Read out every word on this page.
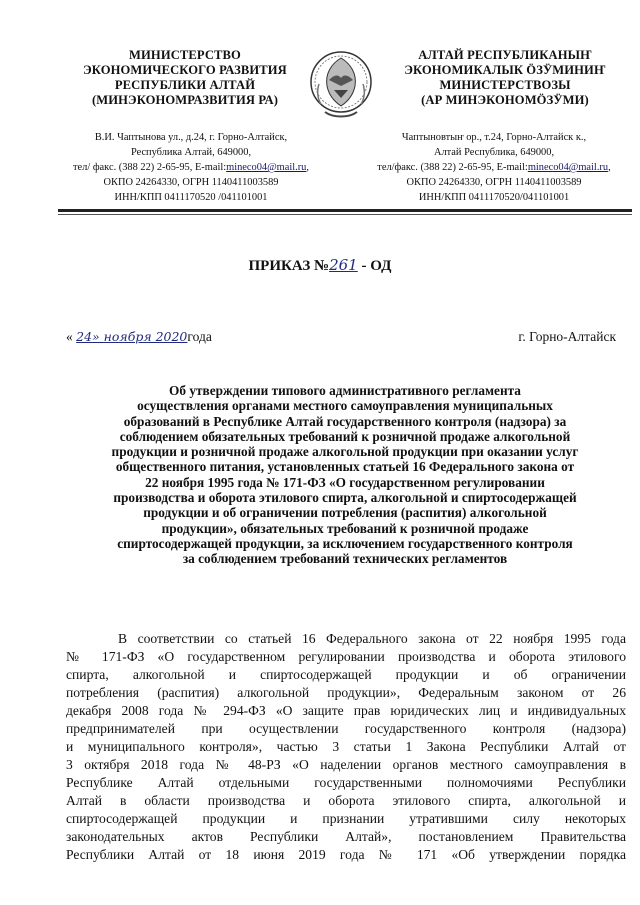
МИНИСТЕРСТВО
ЭКОНОМИЧЕСКОГО РАЗВИТИЯ
РЕСПУБЛИКИ АЛТАЙ
(МИНЭКОНОМРАЗВИТИЯ РА)
АЛТАЙ РЕСПУБЛИКАНЫҤ
ЭКОНОМИКАЛЫК ӦЗӰМИНИҤ
МИНИСТЕРСТВОЗЫ
(АР МИНЭКОНОМӦЗӰМИ)
В.И. Чаптынова ул., д.24, г. Горно-Алтайск,
Республика Алтай, 649000,
тел/ факс. (388 22) 2-65-95, E-mail:mineco04@mail.ru,
ОКПО 24264330, ОГРН 1140411003589
ИНН/КПП 0411170520 /041101001
Чаптыновтыҥ ор., т.24, Горно-Алтайск к.,
Алтай Республика, 649000,
тел/факс. (388 22) 2-65-95, E-mail:mineco04@mail.ru,
ОКПО 24264330, ОГРН 1140411003589
ИНН/КПП 0411170520/041101001
ПРИКАЗ №261 - ОД
« 24» ноября 2020года	г. Горно-Алтайск
Об утверждении типового административного регламента
осуществления органами местного самоуправления муниципальных
образований в Республике Алтай государственного контроля (надзора) за
соблюдением обязательных требований к розничной продаже алкогольной
продукции и розничной продаже алкогольной продукции при оказании услуг
общественного питания, установленных статьей 16 Федерального закона от
22 ноября 1995 года № 171-ФЗ «О государственном регулировании
производства и оборота этилового спирта, алкогольной и спиртосодержащей
продукции и об ограничении потребления (распития) алкогольной
продукции», обязательных требований к розничной продаже
спиртосодержащей продукции, за исключением государственного контроля
за соблюдением требований технических регламентов
В соответствии со статьей 16 Федерального закона от 22 ноября 1995 года
№ 171-ФЗ «О государственном регулировании производства и оборота этилового
спирта, алкогольной и спиртосодержащей продукции и об ограничении
потребления (распития) алкогольной продукции», Федеральным законом от 26
декабря 2008 года № 294-ФЗ «О защите прав юридических лиц и индивидуальных
предпринимателей при осуществлении государственного контроля (надзора)
и муниципального контроля», частью 3 статьи 1 Закона Республики Алтай от
3 октября 2018 года № 48-РЗ «О наделении органов местного самоуправления в
Республике Алтай отдельными государственными полномочиями Республики
Алтай в области производства и оборота этилового спирта, алкогольной и
спиртосодержащей продукции и признании утратившими силу некоторых
законодательных актов Республики Алтай», постановлением Правительства
Республики Алтай от 18 июня 2019 года № 171 «Об утверждении порядка
